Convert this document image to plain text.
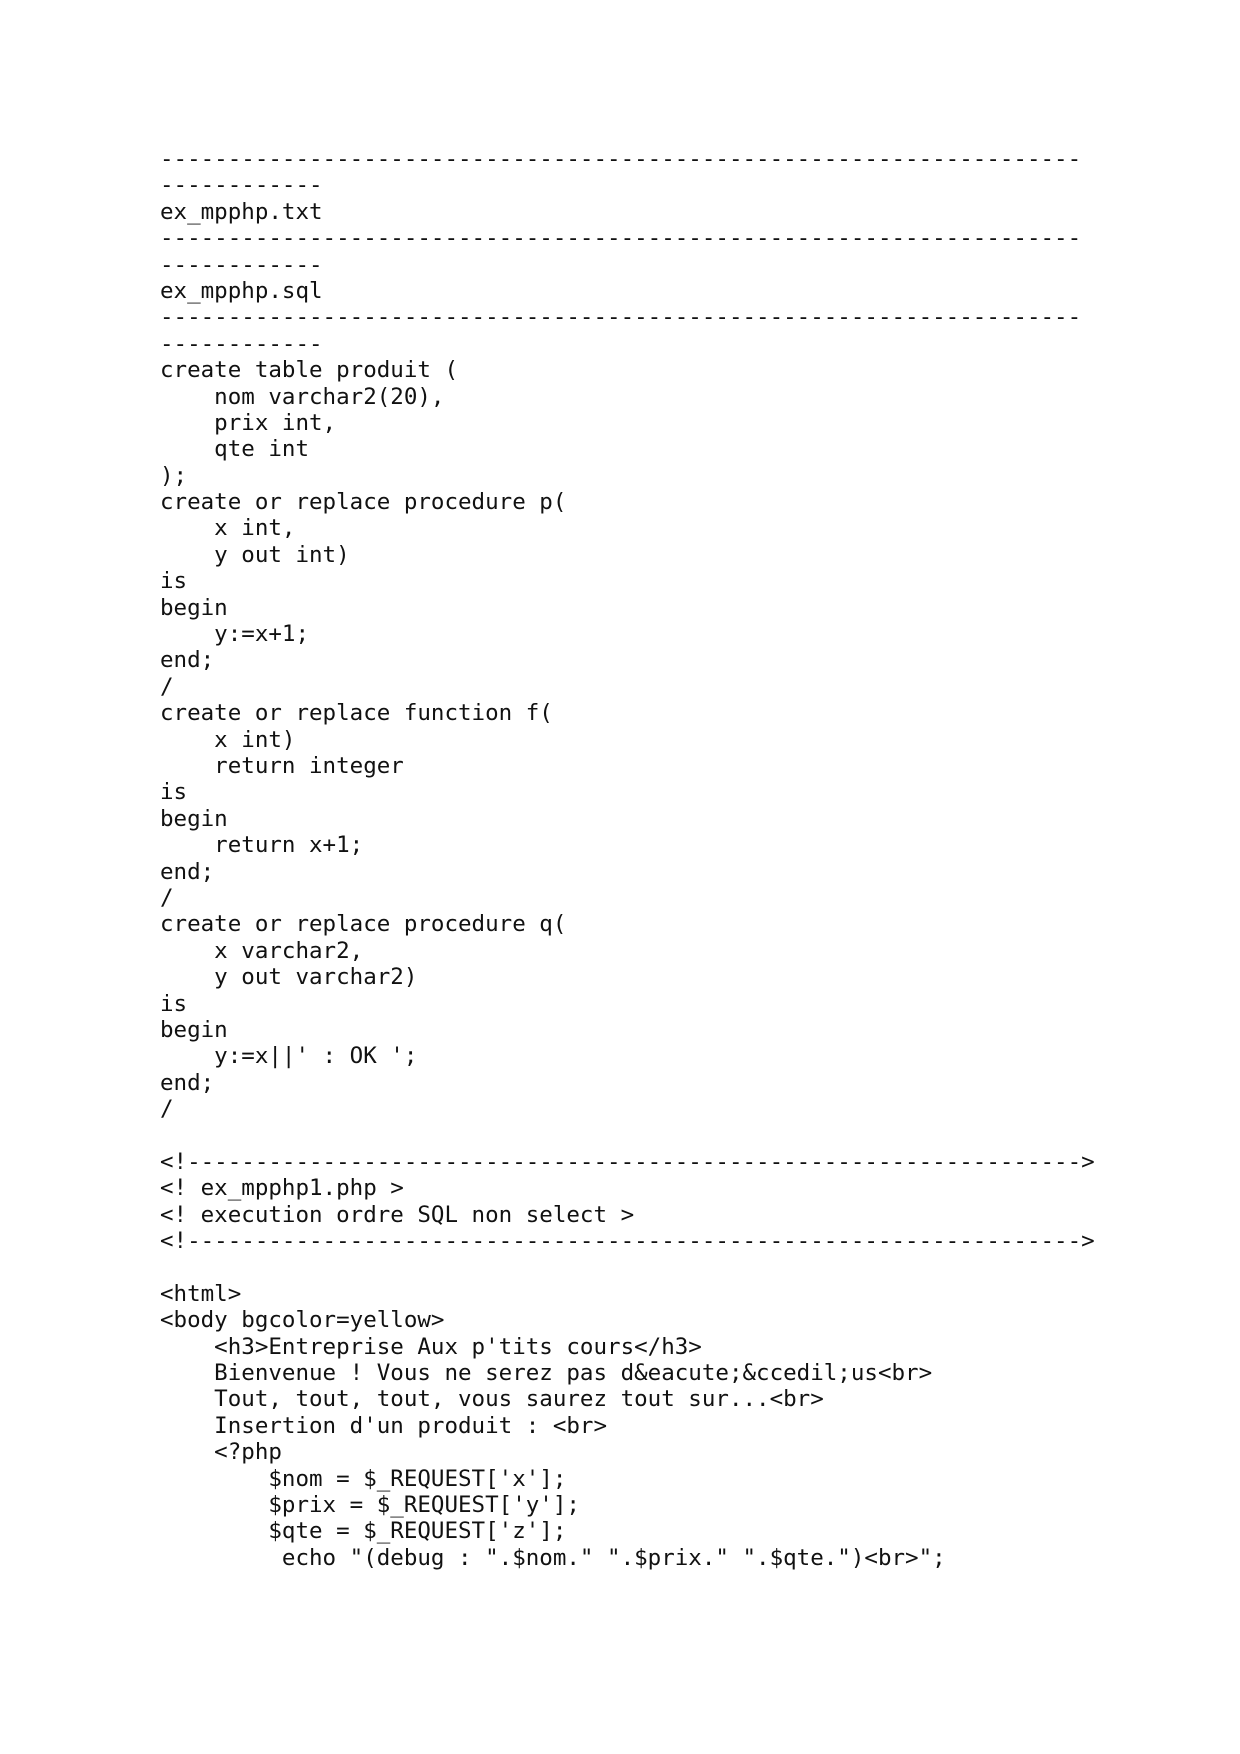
--------------------------------------------------------------------
------------
ex_mpphp.txt
--------------------------------------------------------------------
------------
ex_mpphp.sql
--------------------------------------------------------------------
------------
create table produit (
nom varchar2(20),
prix int,
qte int
);
create or replace procedure p(
x int,
y out int)
is
begin
y:=x+1;
end;
/
create or replace function f(
x int)
return integer
is
begin
return x+1;
end;
/
create or replace procedure q(
x varchar2,
y out varchar2)
is
begin
y:=x||' : OK ';
end;
/
<!------------------------------------------------------------------>
<! ex_mpphp1.php >
<! execution ordre SQL non select >
<!------------------------------------------------------------------>
<html>
<body bgcolor=yellow>
<h3>Entreprise Aux p'tits cours</h3>
Bienvenue ! Vous ne serez pas d&eacute;&ccedil;us<br>
Tout, tout, tout, vous saurez tout sur...<br>
Insertion d'un produit : <br>
<?php
$nom = $_REQUEST['x'];
$prix = $_REQUEST['y'];
$qte = $_REQUEST['z'];
echo "(debug : ".$nom." ".$prix." ".$qte.")<br>";
